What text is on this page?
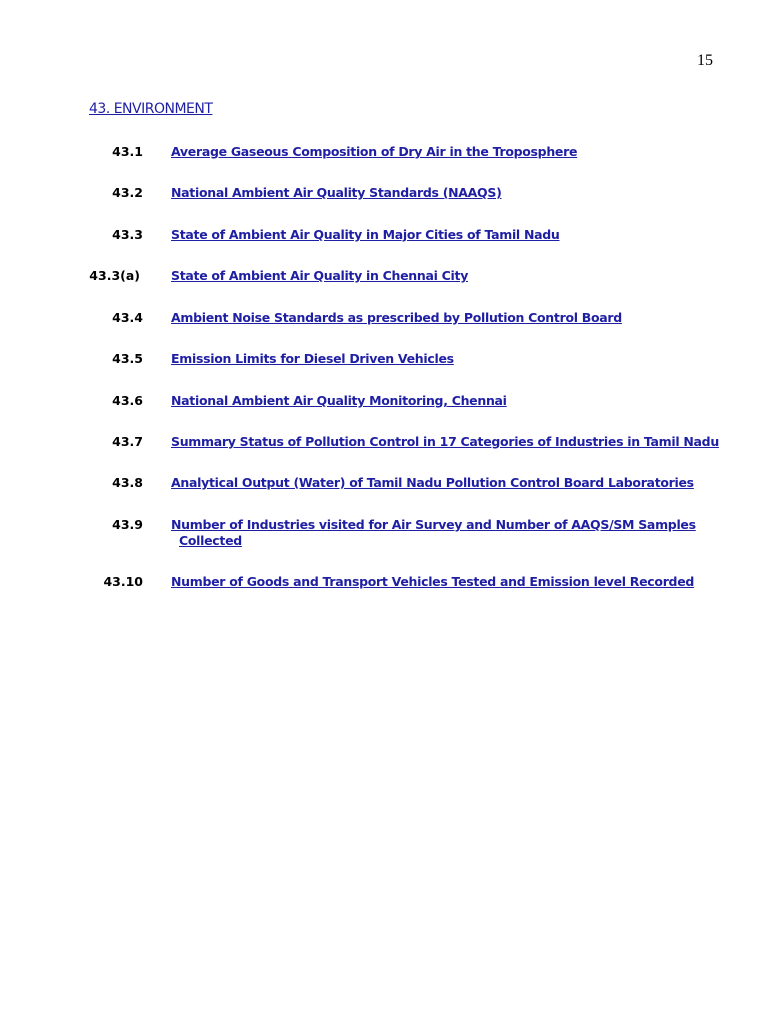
15
43. ENVIRONMENT
43.1 Average Gaseous Composition of Dry Air in the Troposphere
43.2 National Ambient Air Quality Standards (NAAQS)
43.3 State of Ambient Air Quality in Major Cities of Tamil Nadu
43.3(a) State of Ambient Air Quality in Chennai City
43.4 Ambient Noise Standards as prescribed by Pollution Control Board
43.5 Emission Limits for Diesel Driven Vehicles
43.6 National Ambient Air Quality Monitoring, Chennai
43.7 Summary Status of Pollution Control in 17 Categories of Industries in Tamil Nadu
43.8 Analytical Output (Water) of Tamil Nadu Pollution Control Board Laboratories
43.9 Number of Industries visited for Air Survey and Number of AAQS/SM Samples
Collected
43.10 Number of Goods and Transport Vehicles Tested and Emission level Recorded
